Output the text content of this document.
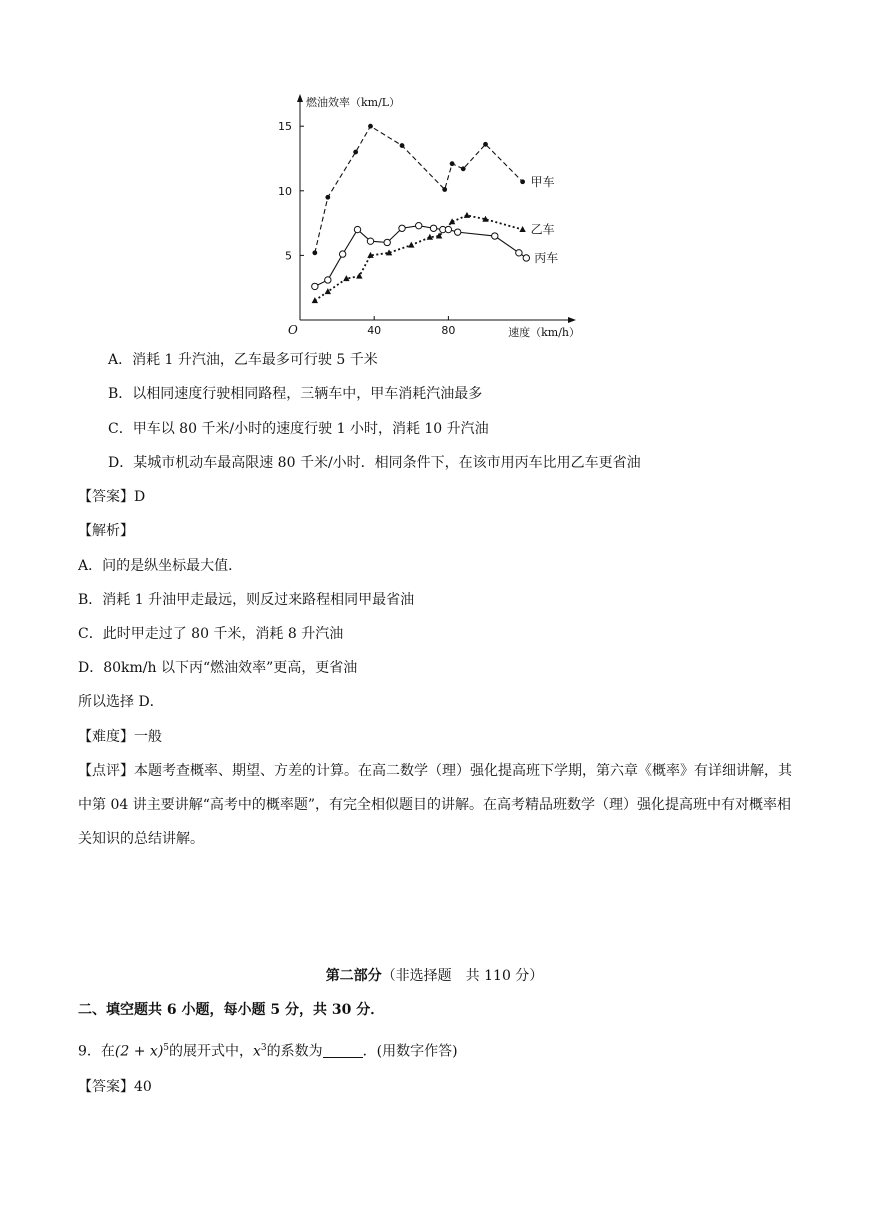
5
10
15
40	80
O
燃油效率（km/L）
速度（km/h）
甲车
乙车
丙车
A．消耗 1 升汽油，乙车最多可行驶 5 千米
B．以相同速度行驶相同路程，三辆车中，甲车消耗汽油最多
C．甲车以 80 千米/小时的速度行驶 1 小时，消耗 10 升汽油
D．某城市机动车最高限速 80 千米/小时．相同条件下，在该市用丙车比用乙车更省油
【答案】D
【解析】
A．问的是纵坐标最大值．
B．消耗 1 升油甲走最远，则反过来路程相同甲最省油
C．此时甲走过了 80 千米，消耗 8 升汽油
D．80km/h 以下丙“燃油效率”更高，更省油
所以选择 D．
【难度】一般
【点评】本题考查概率、期望、方差的计算。在高二数学（理）强化提高班下学期，第六章《概率》有详细讲解，其中第 04 讲主要讲解“高考中的概率题”，有完全相似题目的讲解。在高考精品班数学（理）强化提高班中有对概率相关知识的总结讲解。
第二部分（非选择题　共 110 分）
二、填空题共 6 小题，每小题 5 分，共 30 分．
9．在$(2 + x)^5$的展开式中，$x^3$的系数为	．(用数字作答)
【答案】40
